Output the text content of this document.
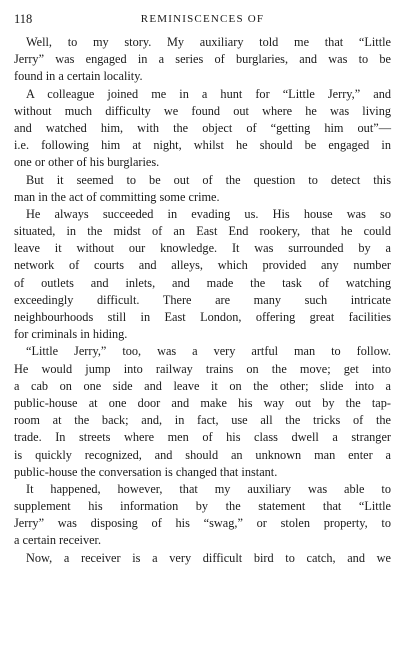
118	REMINISCENCES OF
Well, to my story. My auxiliary told me that “Little
Jerry” was engaged in a series of burglaries, and was to be
found in a certain locality.
A colleague joined me in a hunt for “Little Jerry,” and
without much difficulty we found out where he was living
and watched him, with the object of “getting him out”—
i.e. following him at night, whilst he should be engaged in
one or other of his burglaries.
But it seemed to be out of the question to detect this
man in the act of committing some crime.
He always succeeded in evading us. His house was so
situated, in the midst of an East End rookery, that he could
leave it without our knowledge. It was surrounded by a
network of courts and alleys, which provided any number
of outlets and inlets, and made the task of watching
exceedingly difficult. There are many such intricate
neighbourhoods still in East London, offering great facilities
for criminals in hiding.
“Little Jerry,” too, was a very artful man to follow.
He would jump into railway trains on the move; get into
a cab on one side and leave it on the other; slide into a
public-house at one door and make his way out by the tap-
room at the back; and, in fact, use all the tricks of the
trade. In streets where men of his class dwell a stranger
is quickly recognized, and should an unknown man enter a
public-house the conversation is changed that instant.
It happened, however, that my auxiliary was able to
supplement his information by the statement that “Little
Jerry” was disposing of his “swag,” or stolen property, to
a certain receiver.
Now, a receiver is a very difficult bird to catch, and we
